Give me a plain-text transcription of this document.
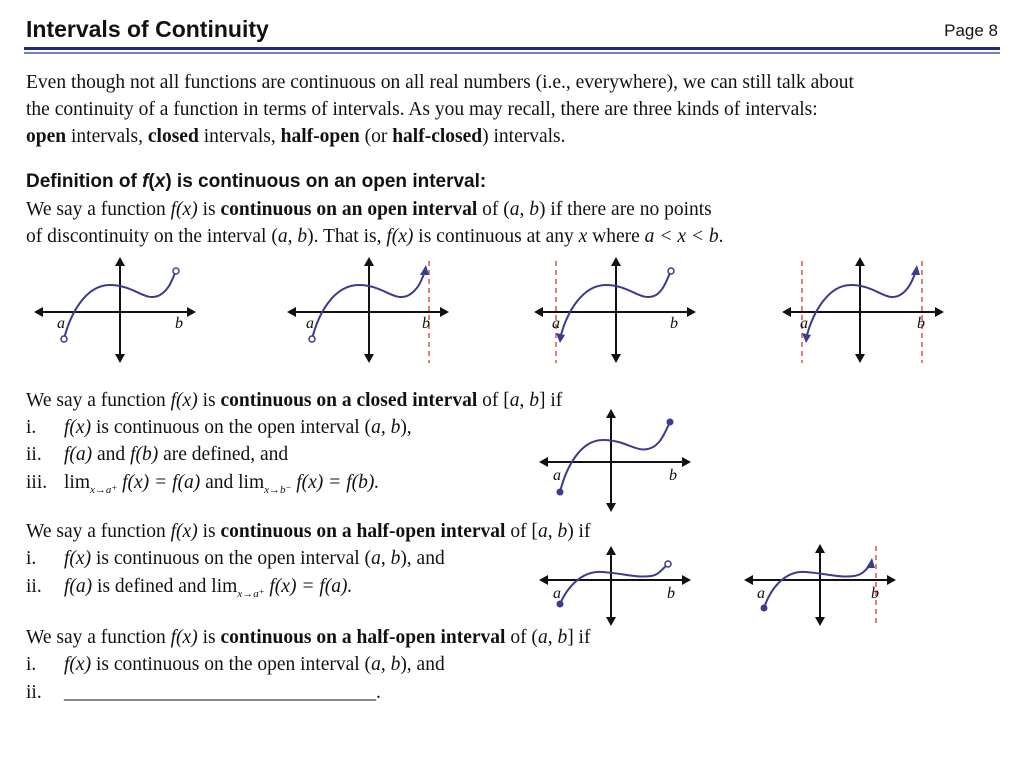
Intervals of Continuity	Page 8
Even though not all functions are continuous on all real numbers (i.e., everywhere), we can still talk about
the continuity of a function in terms of intervals. As you may recall, there are three kinds of intervals:
open intervals, closed intervals, half-open (or half-closed) intervals.
Definition of f(x) is continuous on an open interval:
We say a function f(x) is continuous on an open interval of (a, b) if there are no points
of discontinuity on the interval (a, b). That is, f(x) is continuous at any x where a < x < b.
a	b	a	b	a	b	a	b
We say a function f(x) is continuous on a closed interval of [a, b] if
i. f(x) is continuous on the open interval (a, b),
ii. f(a) and f(b) are defined, and
iii. $\lim_{x\to a^+} f(x) = f(a)$ and $\lim_{x\to b^-} f(x) = f(b)$.	a	b
We say a function f(x) is continuous on a half-open interval of [a, b) if
i. f(x) is continuous on the open interval (a, b), and
ii. f(a) is defined and $\lim_{x\to a^+} f(x) = f(a)$.	a	b	a	b
We say a function f(x) is continuous on a half-open interval of (a, b] if
i. f(x) is continuous on the open interval (a, b), and
ii. ________________________________.
